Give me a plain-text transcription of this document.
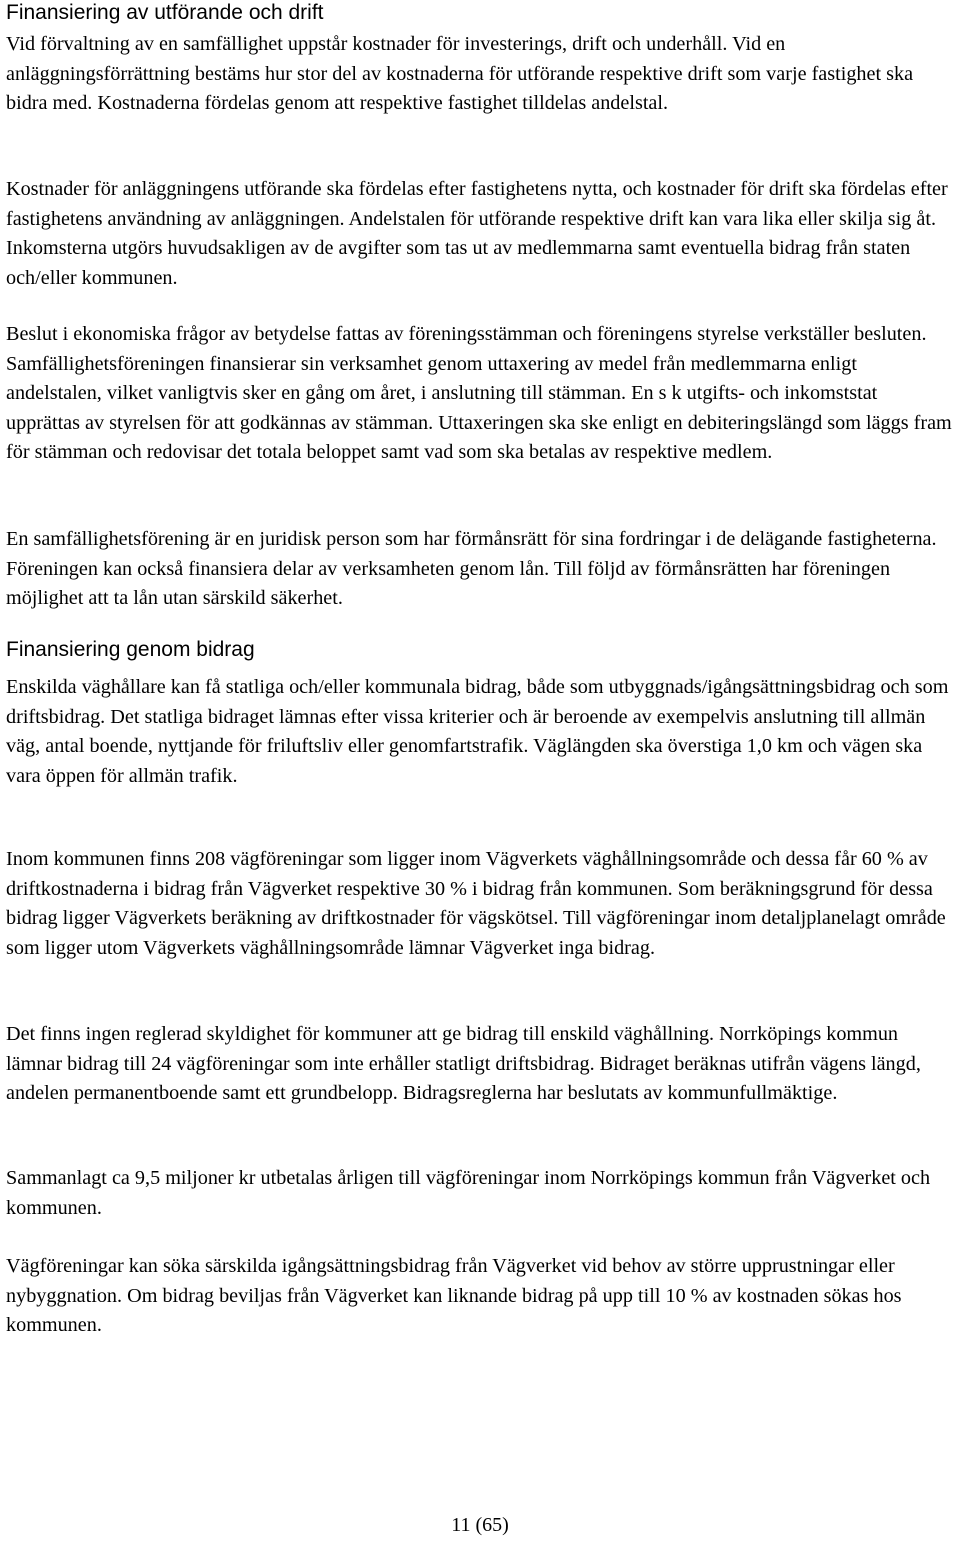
Finansiering av utförande och drift

Vid förvaltning av en samfällighet uppstår kostnader för investerings, drift och underhåll. Vid en anläggningsförrättning bestäms hur stor del av kostnaderna för utförande respektive drift som varje fastighet ska bidra med. Kostnaderna fördelas genom att respektive fastighet tilldelas andelstal.

Kostnader för anläggningens utförande ska fördelas efter fastighetens nytta, och kostnader för drift ska fördelas efter fastighetens användning av anläggningen. Andelstalen för utförande respektive drift kan vara lika eller skilja sig åt. Inkomsterna utgörs huvudsakligen av de avgifter som tas ut av medlemmarna samt eventuella bidrag från staten och/eller kommunen.

Beslut i ekonomiska frågor av betydelse fattas av föreningsstämman och föreningens styrelse verkställer besluten. Samfällighetsföreningen finansierar sin verksamhet genom uttaxering av medel från medlemmarna enligt andelstalen, vilket vanligtvis sker en gång om året, i anslutning till stämman. En s k utgifts- och inkomststat upprättas av styrelsen för att godkännas av stämman. Uttaxeringen ska ske enligt en debiteringslängd som läggs fram för stämman och redovisar det totala beloppet samt vad som ska betalas av respektive medlem.

En samfällighetsförening är en juridisk person som har förmånsrätt för sina fordringar i de delägande fastigheterna. Föreningen kan också finansiera delar av verksamheten genom lån. Till följd av förmånsrätten har föreningen möjlighet att ta lån utan särskild säkerhet.

Finansiering genom bidrag

Enskilda väghållare kan få statliga och/eller kommunala bidrag, både som utbyggnads/igångsättningsbidrag och som driftsbidrag. Det statliga bidraget lämnas efter vissa kriterier och är beroende av exempelvis anslutning till allmän väg, antal boende, nyttjande för friluftsliv eller genomfartstrafik. Väglängden ska överstiga 1,0 km och vägen ska vara öppen för allmän trafik.

Inom kommunen finns 208 vägföreningar som ligger inom Vägverkets väghållningsområde och dessa får 60 % av driftkostnaderna i bidrag från Vägverket respektive 30 % i bidrag från kommunen. Som beräkningsgrund för dessa bidrag ligger Vägverkets beräkning av driftkostnader för vägskötsel. Till vägföreningar inom detaljplanelagt område som ligger utom Vägverkets väghållningsområde lämnar Vägverket inga bidrag.

Det finns ingen reglerad skyldighet för kommuner att ge bidrag till enskild väghållning. Norrköpings kommun lämnar bidrag till 24 vägföreningar som inte erhåller statligt driftsbidrag. Bidraget beräknas utifrån vägens längd, andelen permanentboende samt ett grundbelopp. Bidragsreglerna har beslutats av kommunfullmäktige.

Sammanlagt ca 9,5 miljoner kr utbetalas årligen till vägföreningar inom Norrköpings kommun från Vägverket och kommunen.

Vägföreningar kan söka särskilda igångsättningsbidrag från Vägverket vid behov av större upprustningar eller nybyggnation. Om bidrag beviljas från Vägverket kan liknande bidrag på upp till 10 % av kostnaden sökas hos kommunen.

11 (65)
